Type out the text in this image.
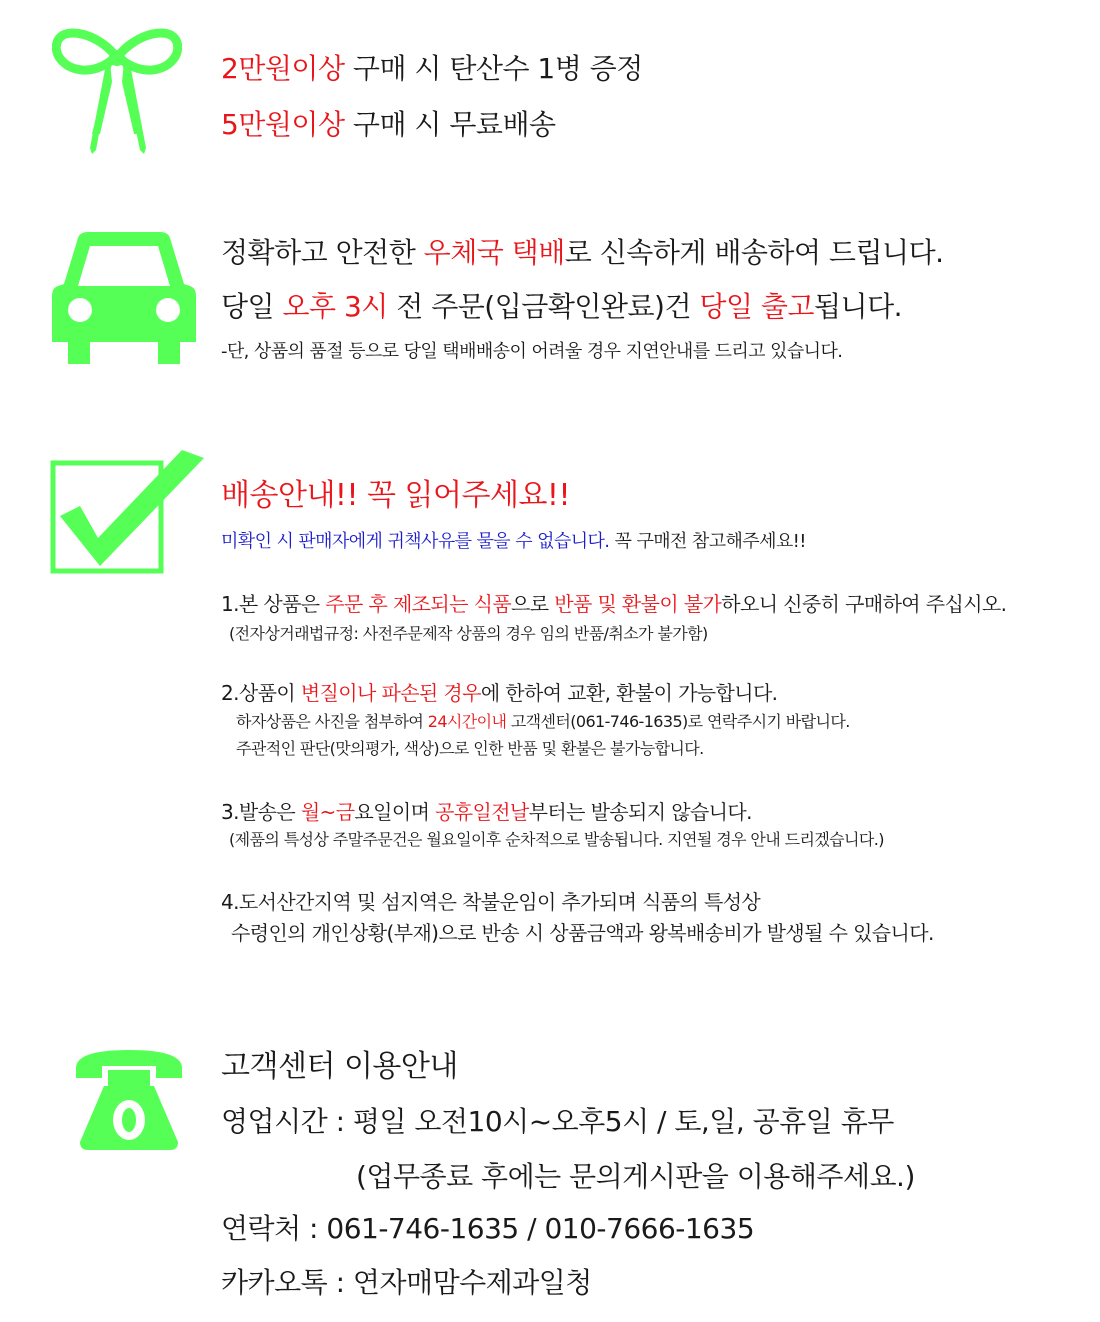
2만원이상 구매 시 탄산수 1병 증정

5만원이상 구매 시 무료배송

정확하고 안전한 우체국 택배로 신속하게 배송하여 드립니다.

당일 오후 3시 전 주문(입금확인완료)건 당일 출고됩니다.

-단, 상품의 품절 등으로 당일 택배배송이 어려울 경우 지연안내를 드리고 있습니다.

배송안내!! 꼭 읽어주세요!!

미확인 시 판매자에게 귀책사유를 물을 수 없습니다. 꼭 구매전 참고해주세요!!

1.본 상품은 주문 후 제조되는 식품으로 반품 및 환불이 불가하오니 신중히 구매하여 주십시오.

(전자상거래법규정: 사전주문제작 상품의 경우 임의 반품/취소가 불가함)

2.상품이 변질이나 파손된 경우에 한하여 교환, 환불이 가능합니다.

하자상품은 사진을 첨부하여 24시간이내 고객센터(061-746-1635)로 연락주시기 바랍니다.

주관적인 판단(맛의평가, 색상)으로 인한 반품 및 환불은 불가능합니다.

3.발송은 월~금요일이며 공휴일전날부터는 발송되지 않습니다.

(제품의 특성상 주말주문건은 월요일이후 순차적으로 발송됩니다. 지연될 경우 안내 드리겠습니다.)

4.도서산간지역 및 섬지역은 착불운임이 추가되며 식품의 특성상

수령인의 개인상황(부재)으로 반송 시 상품금액과 왕복배송비가 발생될 수 있습니다.

고객센터 이용안내

영업시간 : 평일 오전10시~오후5시 / 토,일, 공휴일 휴무

(업무종료 후에는 문의게시판을 이용해주세요.)

연락처 : 061-746-1635 / 010-7666-1635

카카오톡 : 연자매맘수제과일청
